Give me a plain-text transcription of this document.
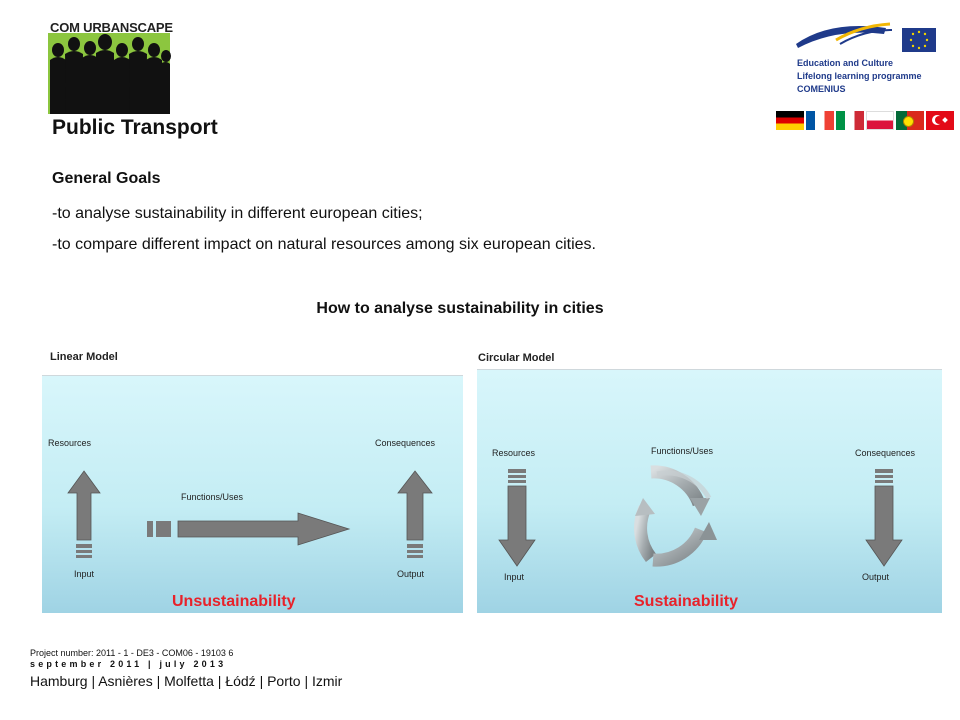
COM URBANSCAPE
Education and Culture
Lifelong learning programme
COMENIUS
Public Transport
General Goals
-to analyse sustainability in different european cities;
-to compare different impact on natural resources among six european cities.
How to analyse sustainability in cities
Linear Model
Resources
Input
Functions/Uses
Consequences
Output
Unsustainability
Circular Model
Resources
Input
Functions/Uses	Consequences
Output
Sustainability
Project number: 2011 - 1 - DE3 - COM06 - 19103 6
september 2011 | july 2013
Hamburg | Asnières | Molfetta | Łódź | Porto | Izmir
